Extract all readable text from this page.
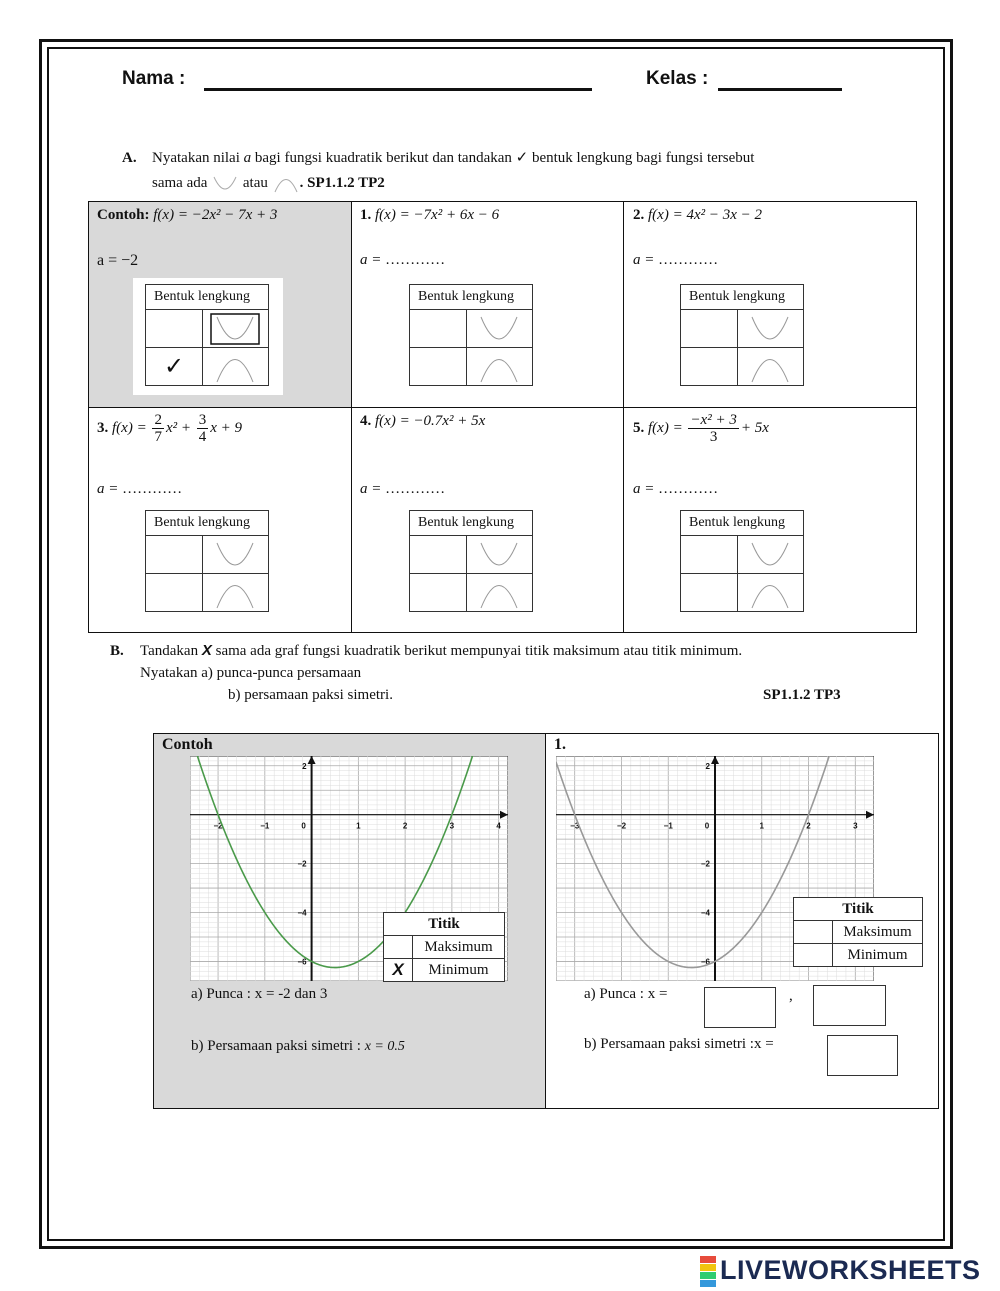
Nama :	Kelas :
A. Nyatakan nilai a bagi fungsi kuadratik berikut dan tandakan ✓ bentuk lengkung bagi fungsi tersebut
sama ada atau . SP1.1.2 TP2
Contoh: f(x) = −2x² − 7x + 3
a = −2
Bentuk lengkung	

✓	
1. f(x) = −7x² + 6x − 6
a = …………
Bentuk lengkung	

2. f(x) = 4x² − 3x − 2
a = …………
Bentuk lengkung	

3. $f(x) = \frac{2}{7} x^2 + \frac{3}{4}$ x + 9
a = …………
Bentuk lengkung	

4. f(x) = −0.7x² + 5x
a = …………
Bentuk lengkung	

5. $f(x) = \frac{\text{−x² + 3}}{3} + 5x$
a = …………
Bentuk lengkung	

B. Tandakan X sama ada graf fungsi kuadratik berikut mempunyai titik maksimum atau titik minimum.
Nyatakan a) punca-punca persamaan
b) persamaan paksi simetri.	SP1.1.2 TP3
Contoh
−2	−1	0	1	2	3	4
2
−2
−4
−6
Titik	
	Maksimum
X	Minimum
a) Punca : x = -2 dan 3
b) Persamaan paksi simetri : x = 0.5
1.
−3	−2	−1	0	1	2	3
2
−2
−4
−6
Titik	
	Maksimum
	Minimum
a) Punca : x =	,
b) Persamaan paksi simetri :x =
LIVEWORKSHEETS
